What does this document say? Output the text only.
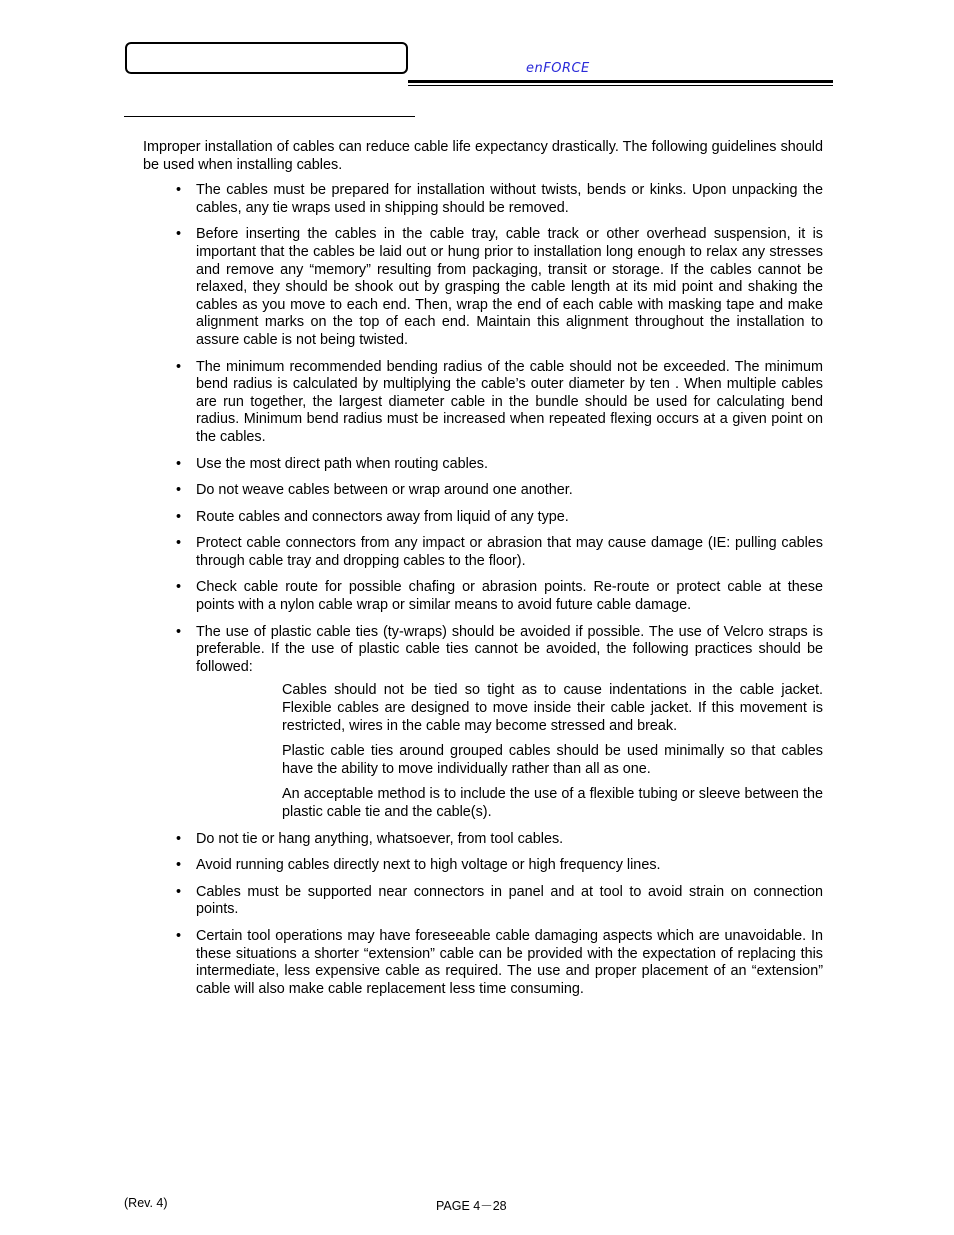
enFORCE

Improper installation of cables can reduce cable life expectancy drastically. The following guidelines should be used when installing cables.

• The cables must be prepared for installation without twists, bends or kinks. Upon unpacking the cables, any tie wraps used in shipping should be removed.
• Before inserting the cables in the cable tray, cable track or other overhead suspension, it is important that the cables be laid out or hung prior to installation long enough to relax any stresses and remove any “memory” resulting from packaging, transit or storage. If the cables cannot be relaxed, they should be shook out by grasping the cable length at its mid point and shaking the cables as you move to each end. Then, wrap the end of each cable with masking tape and make alignment marks on the top of each end. Maintain this alignment throughout the installation to assure cable is not being twisted.
• The minimum recommended bending radius of the cable should not be exceeded. The minimum bend radius is calculated by multiplying the cable’s outer diameter by ten . When multiple cables are run together, the largest diameter cable in the bundle should be used for calculating bend radius. Minimum bend radius must be increased when repeated flexing occurs at a given point on the cables.
• Use the most direct path when routing cables.
• Do not weave cables between or wrap around one another.
• Route cables and connectors away from liquid of any type.
• Protect cable connectors from any impact or abrasion that may cause damage (IE: pulling cables through cable tray and dropping cables to the floor).
• Check cable route for possible chafing or abrasion points. Re-route or protect cable at these points with a nylon cable wrap or similar means to avoid future cable damage.
• The use of plastic cable ties (ty-wraps) should be avoided if possible. The use of Velcro straps is preferable. If the use of plastic cable ties cannot be avoided, the following practices should be followed:

Cables should not be tied so tight as to cause indentations in the cable jacket. Flexible cables are designed to move inside their cable jacket. If this movement is restricted, wires in the cable may become stressed and break.

Plastic cable ties around grouped cables should be used minimally so that cables have the ability to move individually rather than all as one.

An acceptable method is to include the use of a flexible tubing or sleeve between the plastic cable tie and the cable(s).

• Do not tie or hang anything, whatsoever, from tool cables.
• Avoid running cables directly next to high voltage or high frequency lines.
• Cables must be supported near connectors in panel and at tool to avoid strain on connection points.
• Certain tool operations may have foreseeable cable damaging aspects which are unavoidable. In these situations a shorter “extension” cable can be provided with the expectation of replacing this intermediate, less expensive cable as required. The use and proper placement of an “extension” cable will also make cable replacement less time consuming.
(Rev. 4)	PAGE 4－28
